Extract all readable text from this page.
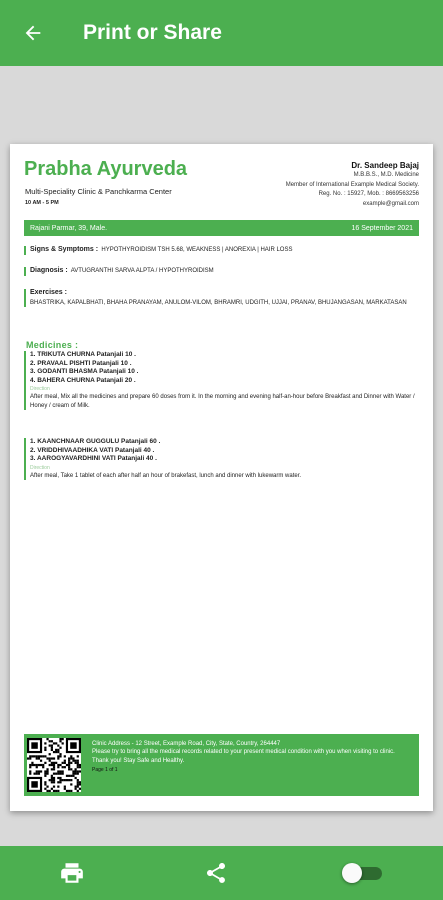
Print or Share
Prabha Ayurveda
Multi-Speciality Clinic & Panchkarma Center
10 AM - 5 PM
Dr. Sandeep Bajaj
M.B.B.S., M.D. Medicine
Member of International Example Medical Society.
Reg. No. : 15927, Mob. : 8669563256
example@gmail.com
Rajani Parmar, 39, Male.	16 September 2021
Signs & Symptoms : HYPOTHYROIDISM TSH 5.68, WEAKNESS | ANOREXIA | HAIR LOSS
Diagnosis : AVTUGRANTHI SARVA ALPTA / HYPOTHYROIDISM
Exercises :
BHASTRIKA, KAPALBHATI, BHAHA PRANAYAM, ANULOM-VILOM, BHRAMRI, UDGITH, UJJAI, PRANAV, BHUJANGASAN, MARKATASAN
Medicines :
1. TRIKUTA CHURNA Patanjali 10 .
2. PRAVAAL PISHTI Patanjali 10 .
3. GODANTI BHASMA Patanjali 10 .
4. BAHERA CHURNA Patanjali 20 .
Direction
After meal, Mix all the medicines and prepare 60 doses from it. In the morning and evening half-an-hour before Breakfast and Dinner with Water / Honey / cream of Milk.
1. KAANCHNAAR GUGGULU Patanjali 60 .
2. VRIDDHIVAADHIKA VATI Patanjali 40 .
3. AAROGYAVARDHINI VATI Patanjali 40 .
Direction
After meal, Take 1 tablet of each after half an hour of brakefast, lunch and dinner with lukewarm water.
Clinic Address - 12 Street, Example Road, City, State, Country, 264447
Please try to bring all the medical records related to your present medical condition with you when visiting to clinic.
Thank you! Stay Safe and Healthy.
Page 1 of 1
